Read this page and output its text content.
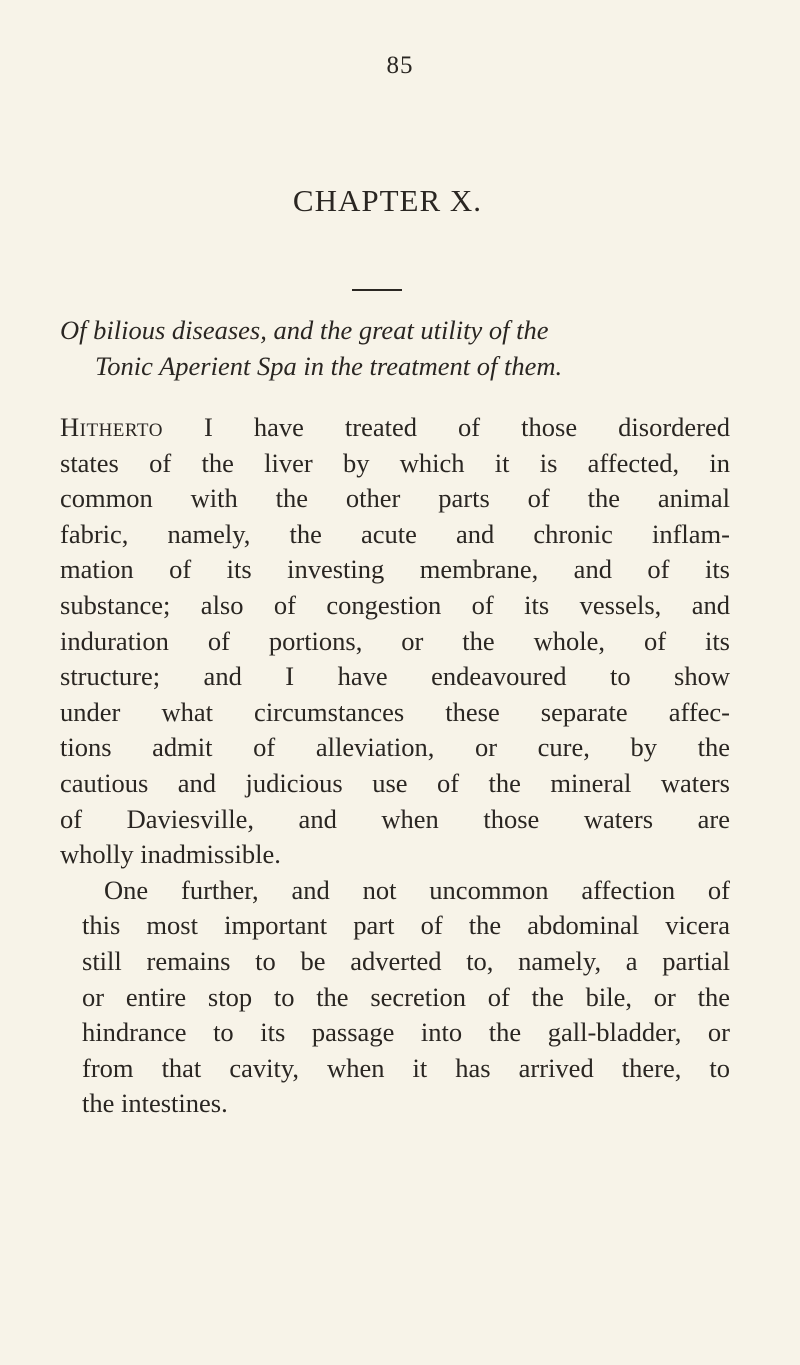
85
CHAPTER X.
Of bilious diseases, and the great utility of the
Tonic Aperient Spa in the treatment of them.
Hitherto I have treated of those disordered
states of the liver by which it is affected, in
common with the other parts of the animal
fabric, namely, the acute and chronic inflam-
mation of its investing membrane, and of its
substance; also of congestion of its vessels, and
induration of portions, or the whole, of its
structure; and I have endeavoured to show
under what circumstances these separate affec-
tions admit of alleviation, or cure, by the
cautious and judicious use of the mineral waters
of Daviesville, and when those waters are
wholly inadmissible.
One further, and not uncommon affection of
this most important part of the abdominal vicera
still remains to be adverted to, namely, a partial
or entire stop to the secretion of the bile, or the
hindrance to its passage into the gall-bladder, or
from that cavity, when it has arrived there, to
the intestines.
